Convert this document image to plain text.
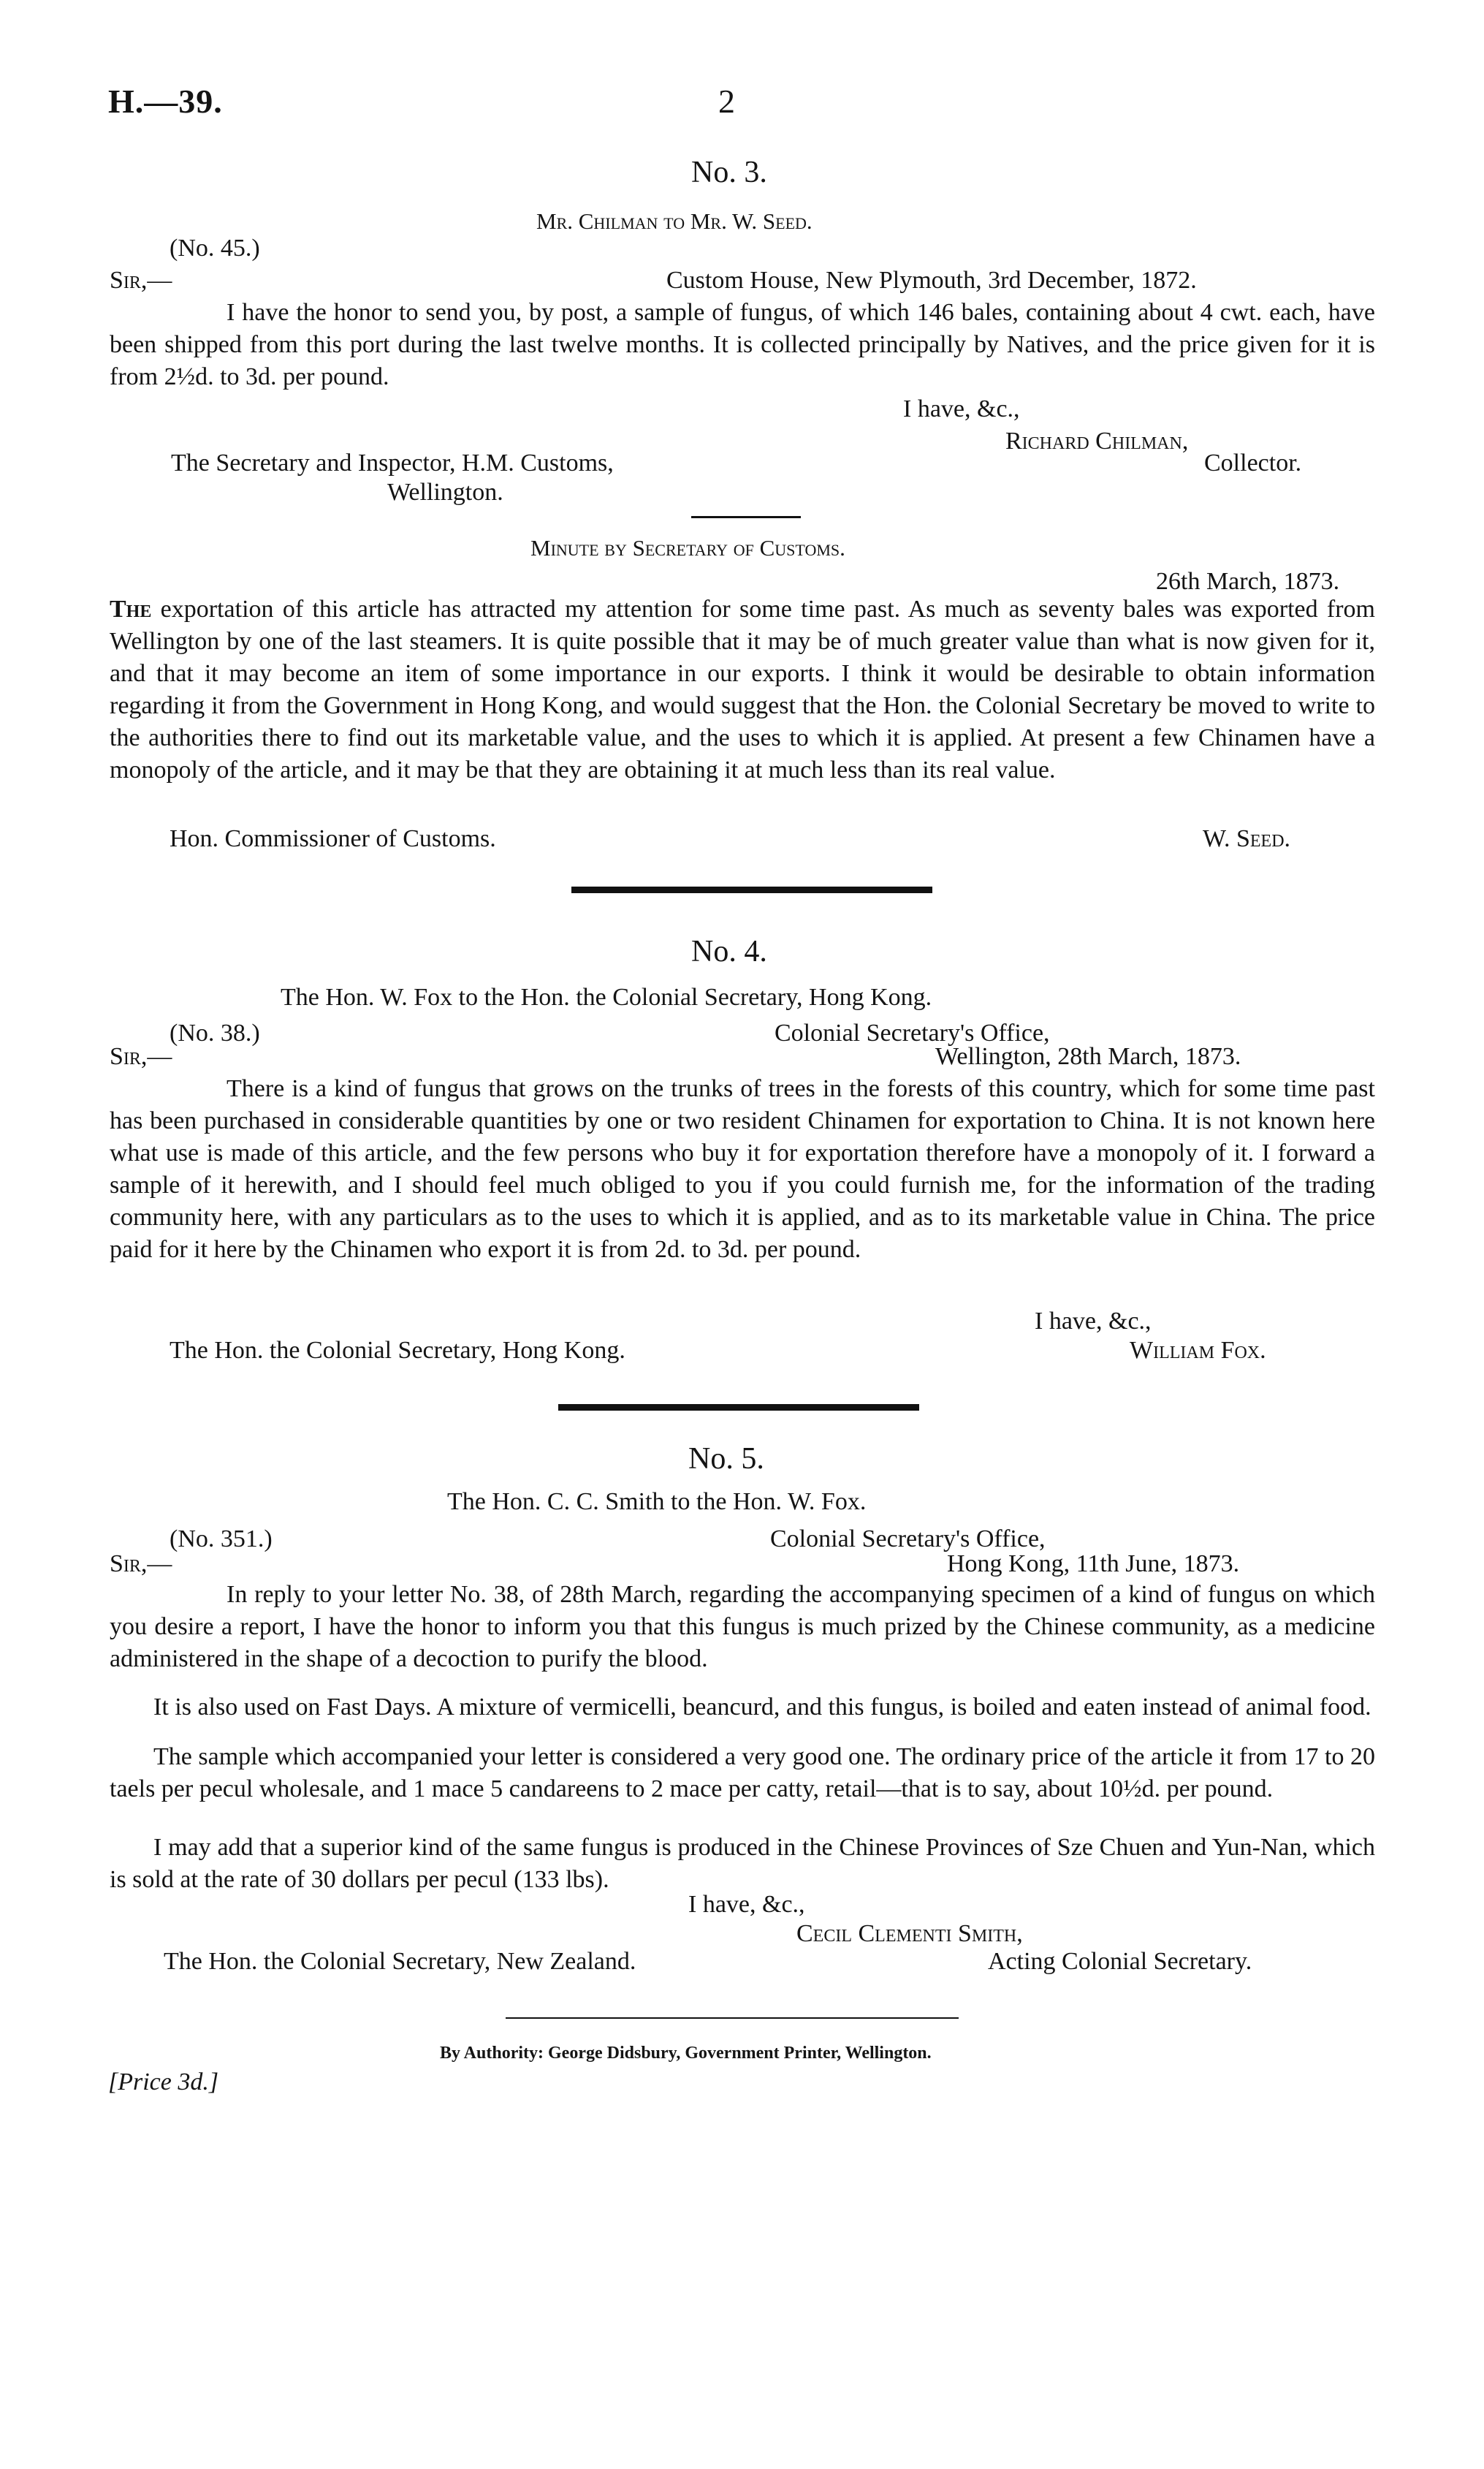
H.—39.	2
No. 3.
Mr. Chilman to Mr. W. Seed.
(No. 45.)
Sir,—	Custom House, New Plymouth, 3rd December, 1872.
I have the honor to send you, by post, a sample of fungus, of which 146 bales, containing about 4 cwt. each, have been shipped from this port during the last twelve months. It is collected principally by Natives, and the price given for it is from 2½d. to 3d. per pound.
I have, &c.,
Richard Chilman,
The Secretary and Inspector, H.M. Customs,	Collector.
Wellington.
Minute by Secretary of Customs.
26th March, 1873.
The exportation of this article has attracted my attention for some time past. As much as seventy bales was exported from Wellington by one of the last steamers. It is quite possible that it may be of much greater value than what is now given for it, and that it may become an item of some importance in our exports. I think it would be desirable to obtain information regarding it from the Government in Hong Kong, and would suggest that the Hon. the Colonial Secretary be moved to write to the authorities there to find out its marketable value, and the uses to which it is applied. At present a few Chinamen have a monopoly of the article, and it may be that they are obtaining it at much less than its real value.
Hon. Commissioner of Customs.	W. Seed.
No. 4.
The Hon. W. Fox to the Hon. the Colonial Secretary, Hong Kong.
(No. 38.)	Colonial Secretary's Office,
Sir,—	Wellington, 28th March, 1873.
There is a kind of fungus that grows on the trunks of trees in the forests of this country, which for some time past has been purchased in considerable quantities by one or two resident Chinamen for exportation to China. It is not known here what use is made of this article, and the few persons who buy it for exportation therefore have a monopoly of it. I forward a sample of it herewith, and I should feel much obliged to you if you could furnish me, for the information of the trading community here, with any particulars as to the uses to which it is applied, and as to its marketable value in China. The price paid for it here by the Chinamen who export it is from 2d. to 3d. per pound.
I have, &c.,
The Hon. the Colonial Secretary, Hong Kong.	William Fox.
No. 5.
The Hon. C. C. Smith to the Hon. W. Fox.
(No. 351.)	Colonial Secretary's Office,
Sir,—	Hong Kong, 11th June, 1873.
In reply to your letter No. 38, of 28th March, regarding the accompanying specimen of a kind of fungus on which you desire a report, I have the honor to inform you that this fungus is much prized by the Chinese community, as a medicine administered in the shape of a decoction to purify the blood.
It is also used on Fast Days. A mixture of vermicelli, beancurd, and this fungus, is boiled and eaten instead of animal food.
The sample which accompanied your letter is considered a very good one. The ordinary price of the article it from 17 to 20 taels per pecul wholesale, and 1 mace 5 candareens to 2 mace per catty, retail—that is to say, about 10½d. per pound.
I may add that a superior kind of the same fungus is produced in the Chinese Provinces of Sze Chuen and Yun-Nan, which is sold at the rate of 30 dollars per pecul (133 lbs).
I have, &c.,
Cecil Clementi Smith,
The Hon. the Colonial Secretary, New Zealand.	Acting Colonial Secretary.
By Authority: George Didsbury, Government Printer, Wellington.
[Price 3d.]
